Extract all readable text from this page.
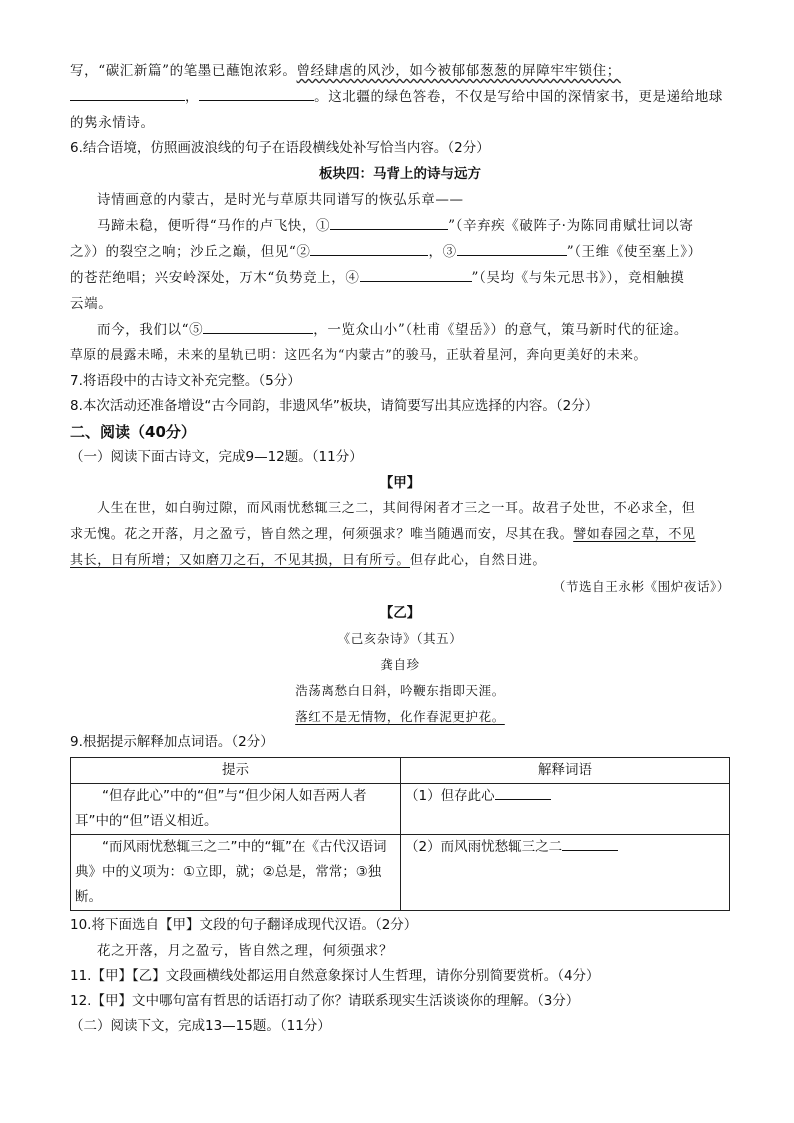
写，“碳汇新篇”的笔墨已蘸饱浓彩。曾经肆虐的风沙，如今被郁郁葱葱的屏障牢牢锁住；
，	。这北疆的绿色答卷，不仅是写给中国的深情家书，更是递给地球
的隽永情诗。
6.结合语境，仿照画波浪线的句子在语段横线处补写恰当内容。（2分）
板块四：马背上的诗与远方
诗情画意的内蒙古，是时光与草原共同谱写的恢弘乐章——
马蹄未稳，便听得“马作的卢飞快，①	”（辛弃疾《破阵子·为陈同甫赋壮词以寄
之》）的裂空之响；沙丘之巅，但见“②	，③	”（王维《使至塞上》）
的苍茫绝唱；兴安岭深处，万木“负势竞上，④	”（吴均《与朱元思书》），竞相触摸
云端。
而今，我们以“⑤	，一览众山小”（杜甫《望岳》）的意气，策马新时代的征途。
草原的晨露未晞，未来的星轨已明：这匹名为“内蒙古”的骏马，正驮着星河，奔向更美好的未来。
7.将语段中的古诗文补充完整。（5分）
8.本次活动还准备增设“古今同韵，非遗风华”板块，请简要写出其应选择的内容。（2分）
二、阅读（40分）
（一）阅读下面古诗文，完成9—12题。（11分）
【甲】
人生在世，如白驹过隙，而风雨忧愁辄三之二，其间得闲者才三之一耳。故君子处世，不必求全，但
求无愧。花之开落，月之盈亏，皆自然之理，何须强求？唯当随遇而安，尽其在我。譬如春园之草，不见
其长，日有所增；又如磨刀之石，不见其损，日有所亏。但存此心，自然日进。
（节选自王永彬《围炉夜话》）
【乙】
《己亥杂诗》（其五）
龚自珍
浩荡离愁白日斜，吟鞭东指即天涯。
落红不是无情物，化作春泥更护花。
9.根据提示解释加点词语。（2分）
提示	解释词语
“但存此心”中的“但”与“但少闲人如吾两人者耳”中的“但”语义相近。	（1）但存此心
“而风雨忧愁辄三之二”中的“辄”在《古代汉语词典》中的义项为：①立即，就；②总是，常常；③独断。	（2）而风雨忧愁辄三之二
10.将下面选自【甲】文段的句子翻译成现代汉语。（2分）
花之开落，月之盈亏，皆自然之理，何须强求？
11.【甲】【乙】文段画横线处都运用自然意象探讨人生哲理，请你分别简要赏析。（4分）
12.【甲】文中哪句富有哲思的话语打动了你？请联系现实生活谈谈你的理解。（3分）
（二）阅读下文，完成13—15题。（11分）
